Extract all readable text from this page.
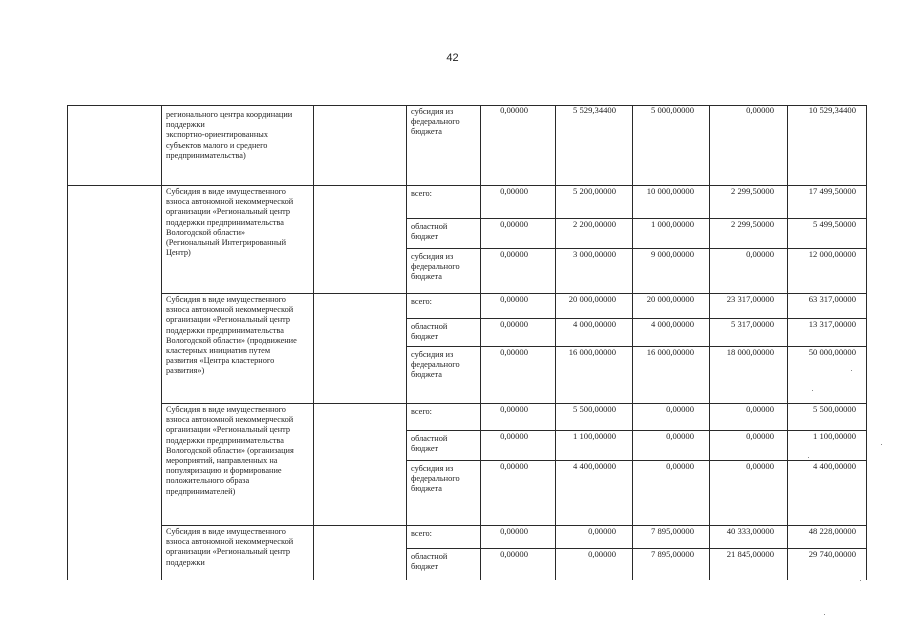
42
регионального центра координации
поддержки
экспортно-ориентированных
субъектов малого и среднего
предпринимательства)
субсидия из
федерального
бюджета
0,00000	5 529,34400	5 000,00000	0,00000	10 529,34400
Субсидия в виде имущественного
взноса автономной некоммерческой
организации «Региональный центр
поддержки предпринимательства
Вологодской области»
(Региональный Интегрированный
Центр)
всего:	0,00000	5 200,00000	10 000,00000	2 299,50000	17 499,50000
областной
бюджет
0,00000	2 200,00000	1 000,00000	2 299,50000	5 499,50000
субсидия из
федерального
бюджета
0,00000	3 000,00000	9 000,00000	0,00000	12 000,00000
Субсидия в виде имущественного
взноса автономной некоммерческой
организации «Региональный центр
поддержки предпринимательства
Вологодской области» (продвижение
кластерных инициатив путем
развития «Центра кластерного
развития»)
всего:	0,00000	20 000,00000	20 000,00000	23 317,00000	63 317,00000
областной
бюджет
0,00000	4 000,00000	4 000,00000	5 317,00000	13 317,00000
субсидия из
федерального
бюджета
0,00000	16 000,00000	16 000,00000	18 000,00000	50 000,00000
Субсидия в виде имущественного
взноса автономной некоммерческой
организации «Региональный центр
поддержки предпринимательства
Вологодской области» (организация
мероприятий, направленных на
популяризацию и формирование
положительного образа
предпринимателей)
всего:	0,00000	5 500,00000	0,00000	0,00000	5 500,00000
областной
бюджет
0,00000	1 100,00000	0,00000	0,00000	1 100,00000
субсидия из
федерального
бюджета
0,00000	4 400,00000	0,00000	0,00000	4 400,00000
Субсидия в виде имущественного
взноса автономной некоммерческой
организации «Региональный центр
поддержки
всего:	0,00000	0,00000	7 895,00000	40 333,00000	48 228,00000
областной
бюджет
0,00000	0,00000	7 895,00000	21 845,00000	29 740,00000
